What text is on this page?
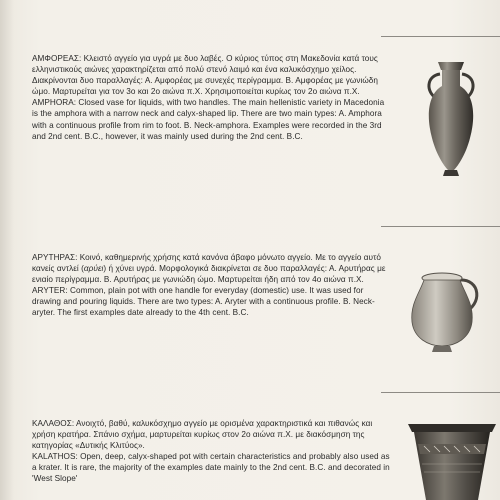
ΑΜΦΟΡΕΑΣ: Κλειστό αγγείο για υγρά με δυο λαβές. Ο κύριος τύπος στη Μακεδονία κατά τους ελληνιστικούς αιώνες χαρακτηρίζεται από πολύ στενό λαιμό και ένα καλυκόσχημο χείλος. Διακρίνονται δυο παραλλαγές: Α. Αμφορέας με συνεχές περίγραμμα. Β. Αμφορέας με γωνιώδη ώμο. Μαρτυρείται για τον 3ο και 2ο αιώνα π.Χ. Χρησιμοποιείται κυρίως τον 2ο αιώνα π.Χ.

AMPHORA: Closed vase for liquids, with two handles. The main hellenistic variety in Macedonia is the amphora with a narrow neck and calyx-shaped lip. There are two main types: A. Amphora with a continuous profile from rim to foot. B. Neck-amphora. Examples were recorded in the 3rd and 2nd cent. B.C., however, it was mainly used during the 2nd cent. B.C.

ΑΡΥΤΗΡΑΣ: Κοινό, καθημερινής χρήσης κατά κανόνα άβαφο μόνωτο αγγείο. Με το αγγείο αυτό κανείς αντλεί (αρύει) ή χύνει υγρά. Μορφολογικά διακρίνεται σε δυο παραλλαγές: Α. Αρυτήρας με ενιαίο περίγραμμα. Β. Αρυτήρας με γωνιώδη ώμο. Μαρτυρείται ήδη από τον 4ο αιώνα π.Χ.

ARYTER: Common, plain pot with one handle for everyday (domestic) use. It was used for drawing and pouring liquids. There are two types: A. Aryter with a continuous profile. B. Neck-aryter. The first examples date already to the 4th cent. B.C.

ΚΑΛΑΘΟΣ: Ανοιχτό, βαθύ, καλυκόσχημο αγγείο με ορισμένα χαρακτηριστικά και πιθανώς και χρήση κρατήρα. Σπάνιο σχήμα, μαρτυρείται κυρίως στον 2ο αιώνα π.Χ. με διακόσμηση της κατηγορίας «Δυτικής Κλιτύος».

KALATHOS: Open, deep, calyx-shaped pot with certain characteristics and probably also used as a krater. It is rare, the majority of the examples date mainly to the 2nd cent. B.C. and decorated in 'West Slope'
